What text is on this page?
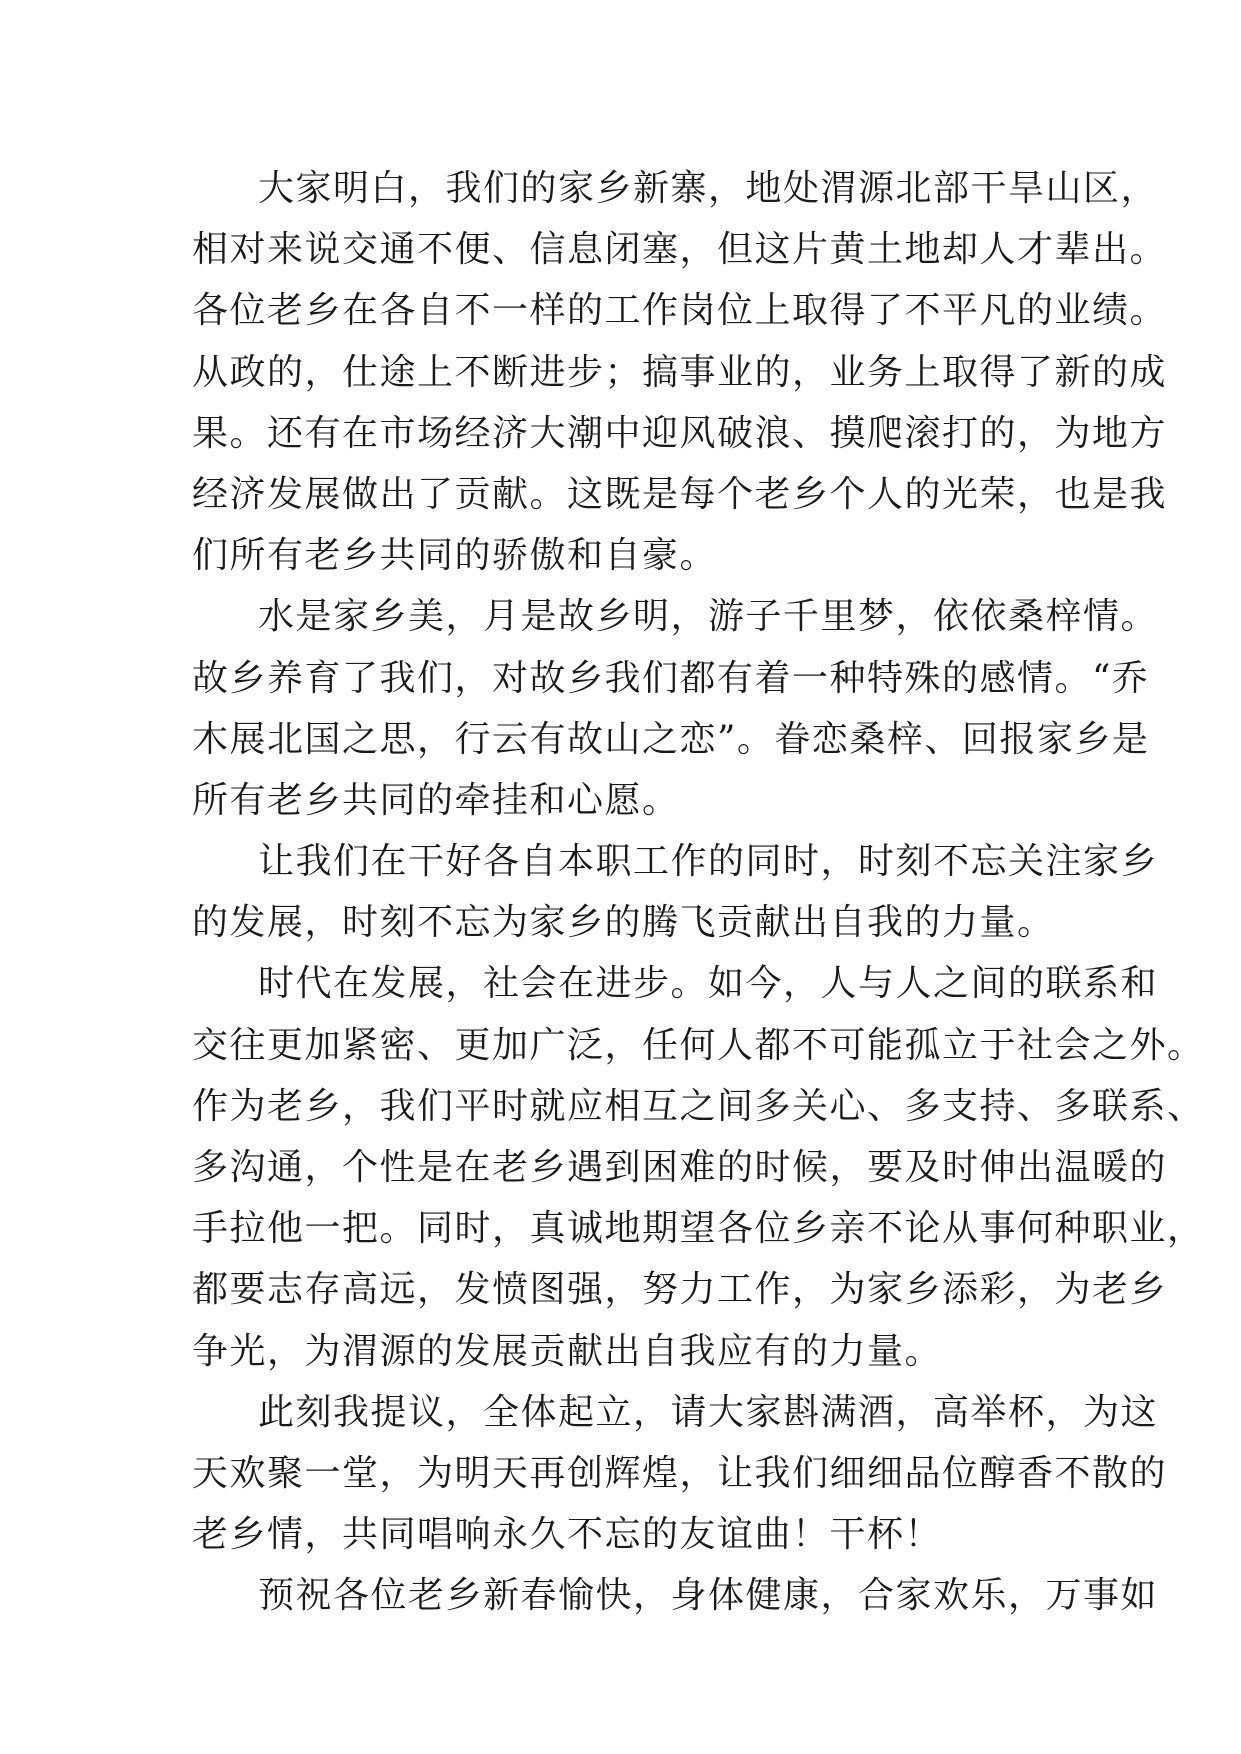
大家明白，我们的家乡新寨，地处渭源北部干旱山区，
相对来说交通不便、信息闭塞，但这片黄土地却人才辈出。
各位老乡在各自不一样的工作岗位上取得了不平凡的业绩。
从政的，仕途上不断进步；搞事业的，业务上取得了新的成
果。还有在市场经济大潮中迎风破浪、摸爬滚打的，为地方
经济发展做出了贡献。这既是每个老乡个人的光荣，也是我
们所有老乡共同的骄傲和自豪。
水是家乡美，月是故乡明，游子千里梦，依依桑梓情。
故乡养育了我们，对故乡我们都有着一种特殊的感情。“乔
木展北国之思，行云有故山之恋”。眷恋桑梓、回报家乡是
所有老乡共同的牵挂和心愿。
让我们在干好各自本职工作的同时，时刻不忘关注家乡
的发展，时刻不忘为家乡的腾飞贡献出自我的力量。
时代在发展，社会在进步。如今，人与人之间的联系和
交往更加紧密、更加广泛，任何人都不可能孤立于社会之外。
作为老乡，我们平时就应相互之间多关心、多支持、多联系、
多沟通，个性是在老乡遇到困难的时候，要及时伸出温暖的
手拉他一把。同时，真诚地期望各位乡亲不论从事何种职业，
都要志存高远，发愤图强，努力工作，为家乡添彩，为老乡
争光，为渭源的发展贡献出自我应有的力量。
此刻我提议，全体起立，请大家斟满酒，高举杯，为这
天欢聚一堂，为明天再创辉煌，让我们细细品位醇香不散的
老乡情，共同唱响永久不忘的友谊曲！干杯！
预祝各位老乡新春愉快，身体健康，合家欢乐，万事如
